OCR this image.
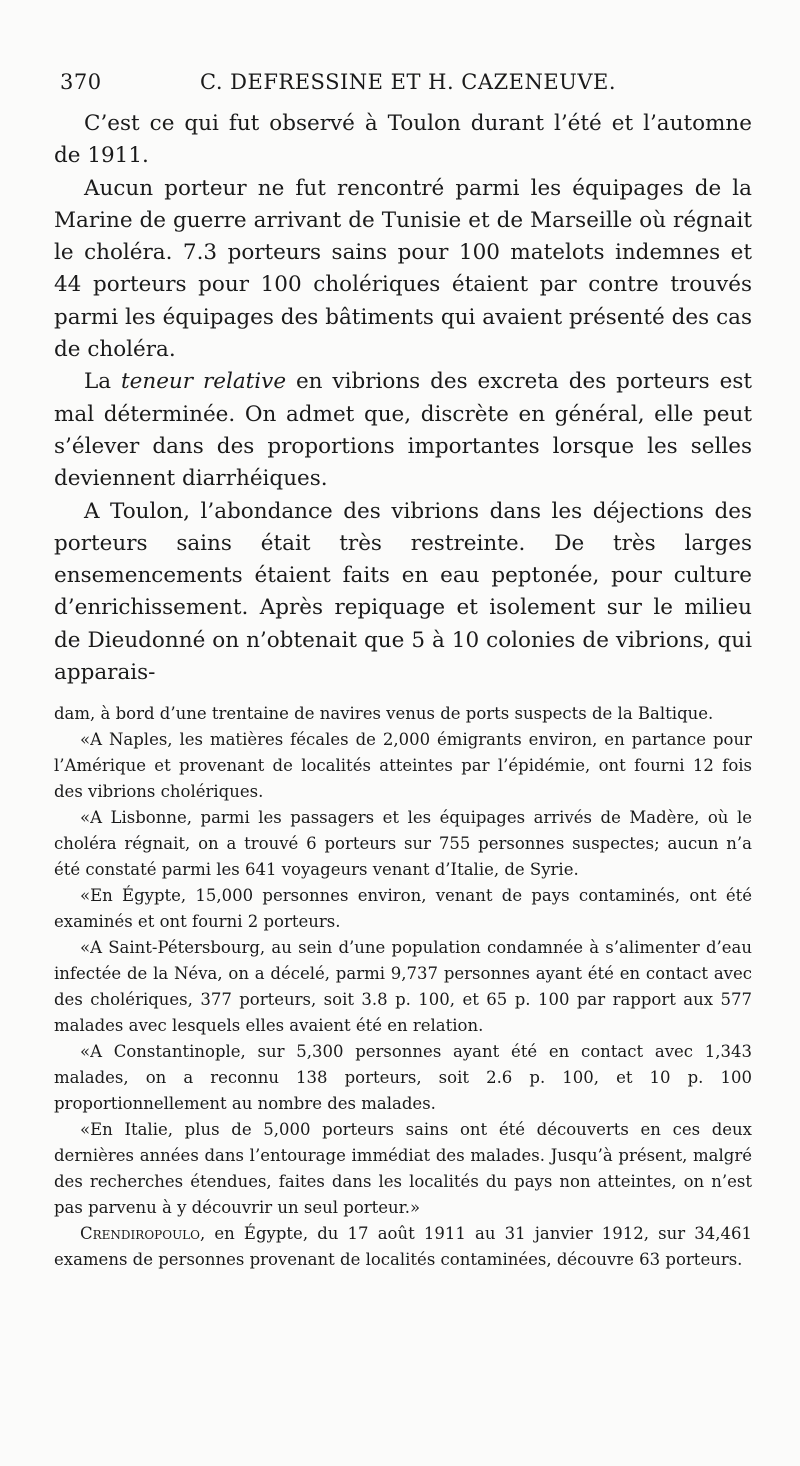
370	C. DEFRESSINE ET H. CAZENEUVE.

C’est ce qui fut observé à Toulon durant l’été et l’automne de 1911.

Aucun porteur ne fut rencontré parmi les équipages de la Marine de guerre arrivant de Tunisie et de Marseille où régnait le choléra. 7.3 porteurs sains pour 100 matelots indemnes et 44 porteurs pour 100 cholériques étaient par contre trouvés parmi les équipages des bâtiments qui avaient présenté des cas de choléra.

La teneur relative en vibrions des excreta des porteurs est mal déterminée. On admet que, discrète en général, elle peut s’élever dans des proportions importantes lorsque les selles deviennent diarrhéiques.

A Toulon, l’abondance des vibrions dans les déjections des porteurs sains était très restreinte. De très larges ensemencements étaient faits en eau peptonée, pour culture d’enrichissement. Après repiquage et isolement sur le milieu de Dieudonné on n’obtenait que 5 à 10 colonies de vibrions, qui apparais-

dam, à bord d’une trentaine de navires venus de ports suspects de la Baltique.

«A Naples, les matières fécales de 2,000 émigrants environ, en partance pour l’Amérique et provenant de localités atteintes par l’épidémie, ont fourni 12 fois des vibrions cholériques.

«A Lisbonne, parmi les passagers et les équipages arrivés de Madère, où le choléra régnait, on a trouvé 6 porteurs sur 755 personnes suspectes; aucun n’a été constaté parmi les 641 voyageurs venant d’Italie, de Syrie.

«En Égypte, 15,000 personnes environ, venant de pays contaminés, ont été examinés et ont fourni 2 porteurs.

«A Saint-Pétersbourg, au sein d’une population condamnée à s’alimenter d’eau infectée de la Néva, on a décelé, parmi 9,737 personnes ayant été en contact avec des cholériques, 377 porteurs, soit 3.8 p. 100, et 65 p. 100 par rapport aux 577 malades avec lesquels elles avaient été en relation.

«A Constantinople, sur 5,300 personnes ayant été en contact avec 1,343 malades, on a reconnu 138 porteurs, soit 2.6 p. 100, et 10 p. 100 proportionnellement au nombre des malades.

«En Italie, plus de 5,000 porteurs sains ont été découverts en ces deux dernières années dans l’entourage immédiat des malades. Jusqu’à présent, malgré des recherches étendues, faites dans les localités du pays non atteintes, on n’est pas parvenu à y découvrir un seul porteur.»

Crendiropoulo, en Égypte, du 17 août 1911 au 31 janvier 1912, sur 34,461 examens de personnes provenant de localités contaminées, découvre 63 porteurs.
